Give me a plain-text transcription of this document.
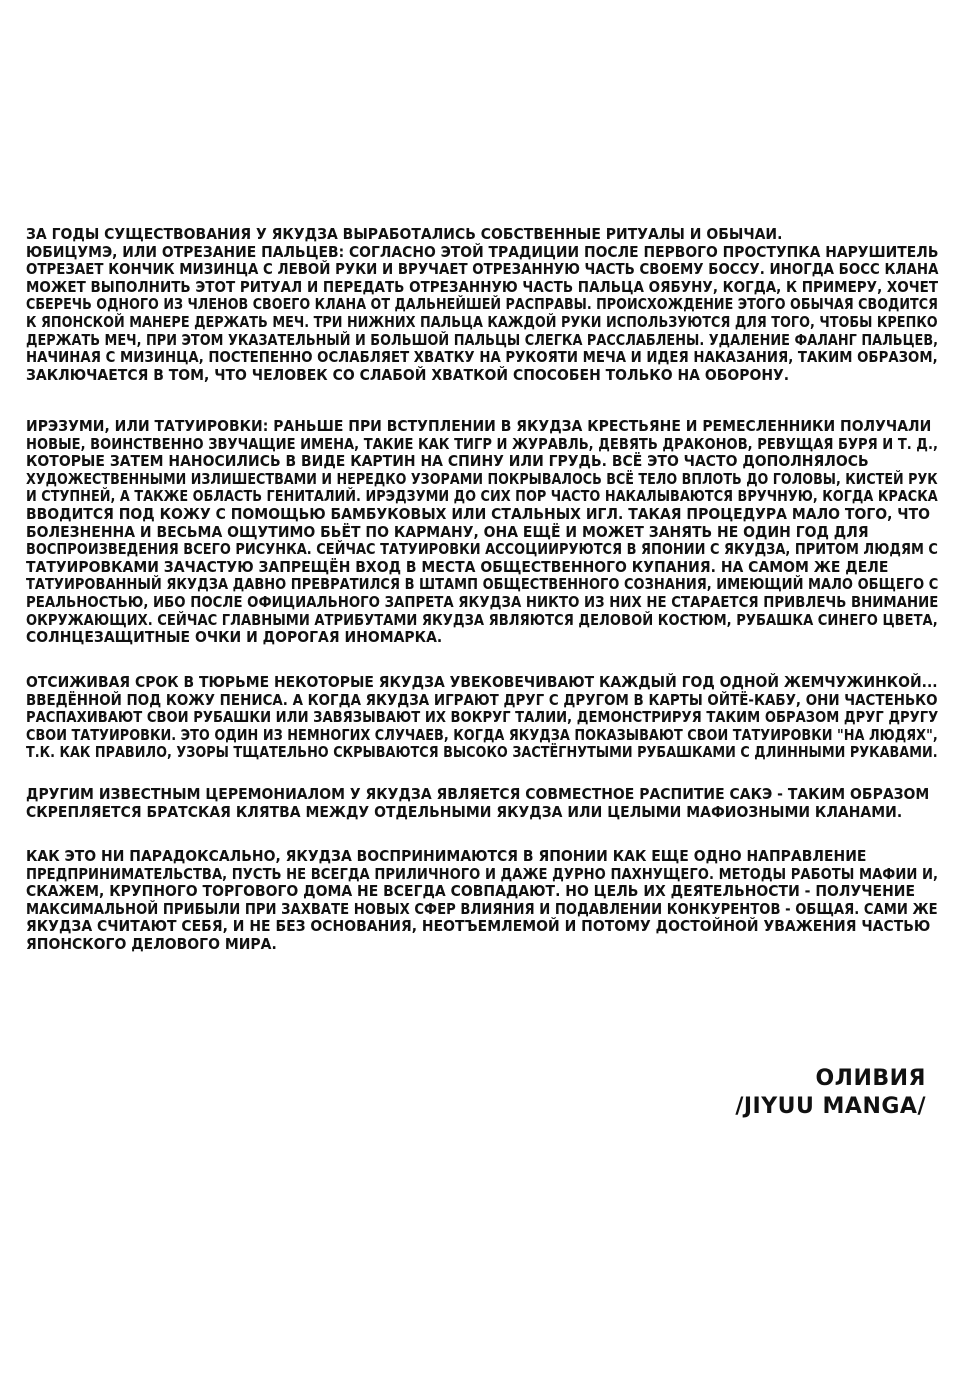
ЗА ГОДЫ СУЩЕСТВОВАНИЯ У ЯКУДЗА ВЫРАБОТАЛИСЬ СОБСТВЕННЫЕ РИТУАЛЫ И ОБЫЧАИ.
ЮБИЦУМЭ, ИЛИ ОТРЕЗАНИЕ ПАЛЬЦЕВ: СОГЛАСНО ЭТОЙ ТРАДИЦИИ ПОСЛЕ ПЕРВОГО ПРОСТУПКА НАРУШИТЕЛЬ
ОТРЕЗАЕТ КОНЧИК МИЗИНЦА С ЛЕВОЙ РУКИ И ВРУЧАЕТ ОТРЕЗАННУЮ ЧАСТЬ СВОЕМУ БОССУ. ИНОГДА БОСС КЛАНА
МОЖЕТ ВЫПОЛНИТЬ ЭТОТ РИТУАЛ И ПЕРЕДАТЬ ОТРЕЗАННУЮ ЧАСТЬ ПАЛЬЦА ОЯБУНУ, КОГДА, К ПРИМЕРУ, ХОЧЕТ
СБЕРЕЧЬ ОДНОГО ИЗ ЧЛЕНОВ СВОЕГО КЛАНА ОТ ДАЛЬНЕЙШЕЙ РАСПРАВЫ. ПРОИСХОЖДЕНИЕ ЭТОГО ОБЫЧАЯ СВОДИТСЯ
К ЯПОНСКОЙ МАНЕРЕ ДЕРЖАТЬ МЕЧ. ТРИ НИЖНИХ ПАЛЬЦА КАЖДОЙ РУКИ ИСПОЛЬЗУЮТСЯ ДЛЯ ТОГО, ЧТОБЫ КРЕПКО
ДЕРЖАТЬ МЕЧ, ПРИ ЭТОМ УКАЗАТЕЛЬНЫЙ И БОЛЬШОЙ ПАЛЬЦЫ СЛЕГКА РАССЛАБЛЕНЫ. УДАЛЕНИЕ ФАЛАНГ ПАЛЬЦЕВ,
НАЧИНАЯ С МИЗИНЦА, ПОСТЕПЕННО ОСЛАБЛЯЕТ ХВАТКУ НА РУКОЯТИ МЕЧА И ИДЕЯ НАКАЗАНИЯ, ТАКИМ ОБРАЗОМ,
ЗАКЛЮЧАЕТСЯ В ТОМ, ЧТО ЧЕЛОВЕК СО СЛАБОЙ ХВАТКОЙ СПОСОБЕН ТОЛЬКО НА ОБОРОНУ.
ИРЭЗУМИ, ИЛИ ТАТУИРОВКИ: РАНЬШЕ ПРИ ВСТУПЛЕНИИ В ЯКУДЗА КРЕСТЬЯНЕ И РЕМЕСЛЕННИКИ ПОЛУЧАЛИ
НОВЫЕ, ВОИНСТВЕННО ЗВУЧАЩИЕ ИМЕНА, ТАКИЕ КАК ТИГР И ЖУРАВЛЬ, ДЕВЯТЬ ДРАКОНОВ, РЕВУЩАЯ БУРЯ И Т. Д.,
КОТОРЫЕ ЗАТЕМ НАНОСИЛИСЬ В ВИДЕ КАРТИН НА СПИНУ ИЛИ ГРУДЬ. ВСЁ ЭТО ЧАСТО ДОПОЛНЯЛОСЬ
ХУДОЖЕСТВЕННЫМИ ИЗЛИШЕСТВАМИ И НЕРЕДКО УЗОРАМИ ПОКРЫВАЛОСЬ ВСЁ ТЕЛО ВПЛОТЬ ДО ГОЛОВЫ, КИСТЕЙ РУК
И СТУПНЕЙ, А ТАКЖЕ ОБЛАСТЬ ГЕНИТАЛИЙ. ИРЭДЗУМИ ДО СИХ ПОР ЧАСТО НАКАЛЫВАЮТСЯ ВРУЧНУЮ, КОГДА КРАСКА
ВВОДИТСЯ ПОД КОЖУ С ПОМОЩЬЮ БАМБУКОВЫХ ИЛИ СТАЛЬНЫХ ИГЛ. ТАКАЯ ПРОЦЕДУРА МАЛО ТОГО, ЧТО
БОЛЕЗНЕННА И ВЕСЬМА ОЩУТИМО БЬЁТ ПО КАРМАНУ, ОНА ЕЩЁ И МОЖЕТ ЗАНЯТЬ НЕ ОДИН ГОД ДЛЯ
ВОСПРОИЗВЕДЕНИЯ ВСЕГО РИСУНКА. СЕЙЧАС ТАТУИРОВКИ АССОЦИИРУЮТСЯ В ЯПОНИИ С ЯКУДЗА, ПРИТОМ ЛЮДЯМ С
ТАТУИРОВКАМИ ЗАЧАСТУЮ ЗАПРЕЩЁН ВХОД В МЕСТА ОБЩЕСТВЕННОГО КУПАНИЯ. НА САМОМ ЖЕ ДЕЛЕ
ТАТУИРОВАННЫЙ ЯКУДЗА ДАВНО ПРЕВРАТИЛСЯ В ШТАМП ОБЩЕСТВЕННОГО СОЗНАНИЯ, ИМЕЮЩИЙ МАЛО ОБЩЕГО С
РЕАЛЬНОСТЬЮ, ИБО ПОСЛЕ ОФИЦИАЛЬНОГО ЗАПРЕТА ЯКУДЗА НИКТО ИЗ НИХ НЕ СТАРАЕТСЯ ПРИВЛЕЧЬ ВНИМАНИЕ
ОКРУЖАЮЩИХ. СЕЙЧАС ГЛАВНЫМИ АТРИБУТАМИ ЯКУДЗА ЯВЛЯЮТСЯ ДЕЛОВОЙ КОСТЮМ, РУБАШКА СИНЕГО ЦВЕТА,
СОЛНЦЕЗАЩИТНЫЕ ОЧКИ И ДОРОГАЯ ИНОМАРКА.
ОТСИЖИВАЯ СРОК В ТЮРЬМЕ НЕКОТОРЫЕ ЯКУДЗА УВЕКОВЕЧИВАЮТ КАЖДЫЙ ГОД ОДНОЙ ЖЕМЧУЖИНКОЙ...
ВВЕДЁННОЙ ПОД КОЖУ ПЕНИСА. А КОГДА ЯКУДЗА ИГРАЮТ ДРУГ С ДРУГОМ В КАРТЫ ОЙТЁ-КАБУ, ОНИ ЧАСТЕНЬКО
РАСПАХИВАЮТ СВОИ РУБАШКИ ИЛИ ЗАВЯЗЫВАЮТ ИХ ВОКРУГ ТАЛИИ, ДЕМОНСТРИРУЯ ТАКИМ ОБРАЗОМ ДРУГ ДРУГУ
СВОИ ТАТУИРОВКИ. ЭТО ОДИН ИЗ НЕМНОГИХ СЛУЧАЕВ, КОГДА ЯКУДЗА ПОКАЗЫВАЮТ СВОИ ТАТУИРОВКИ "НА ЛЮДЯХ",
Т.К. КАК ПРАВИЛО, УЗОРЫ ТЩАТЕЛЬНО СКРЫВАЮТСЯ ВЫСОКО ЗАСТЁГНУТЫМИ РУБАШКАМИ С ДЛИННЫМИ РУКАВАМИ.
ДРУГИМ ИЗВЕСТНЫМ ЦЕРЕМОНИАЛОМ У ЯКУДЗА ЯВЛЯЕТСЯ СОВМЕСТНОЕ РАСПИТИЕ САКЭ - ТАКИМ ОБРАЗОМ
СКРЕПЛЯЕТСЯ БРАТСКАЯ КЛЯТВА МЕЖДУ ОТДЕЛЬНЫМИ ЯКУДЗА ИЛИ ЦЕЛЫМИ МАФИОЗНЫМИ КЛАНАМИ.
КАК ЭТО НИ ПАРАДОКСАЛЬНО, ЯКУДЗА ВОСПРИНИМАЮТСЯ В ЯПОНИИ КАК ЕЩЕ ОДНО НАПРАВЛЕНИЕ
ПРЕДПРИНИМАТЕЛЬСТВА, ПУСТЬ НЕ ВСЕГДА ПРИЛИЧНОГО И ДАЖЕ ДУРНО ПАХНУЩЕГО. МЕТОДЫ РАБОТЫ МАФИИ И,
СКАЖЕМ, КРУПНОГО ТОРГОВОГО ДОМА НЕ ВСЕГДА СОВПАДАЮТ. НО ЦЕЛЬ ИХ ДЕЯТЕЛЬНОСТИ - ПОЛУЧЕНИЕ
МАКСИМАЛЬНОЙ ПРИБЫЛИ ПРИ ЗАХВАТЕ НОВЫХ СФЕР ВЛИЯНИЯ И ПОДАВЛЕНИИ КОНКУРЕНТОВ - ОБЩАЯ. САМИ ЖЕ
ЯКУДЗА СЧИТАЮТ СЕБЯ, И НЕ БЕЗ ОСНОВАНИЯ, НЕОТЪЕМЛЕМОЙ И ПОТОМУ ДОСТОЙНОЙ УВАЖЕНИЯ ЧАСТЬЮ
ЯПОНСКОГО ДЕЛОВОГО МИРА.
ОЛИВИЯ
/JIYUU MANGA/
